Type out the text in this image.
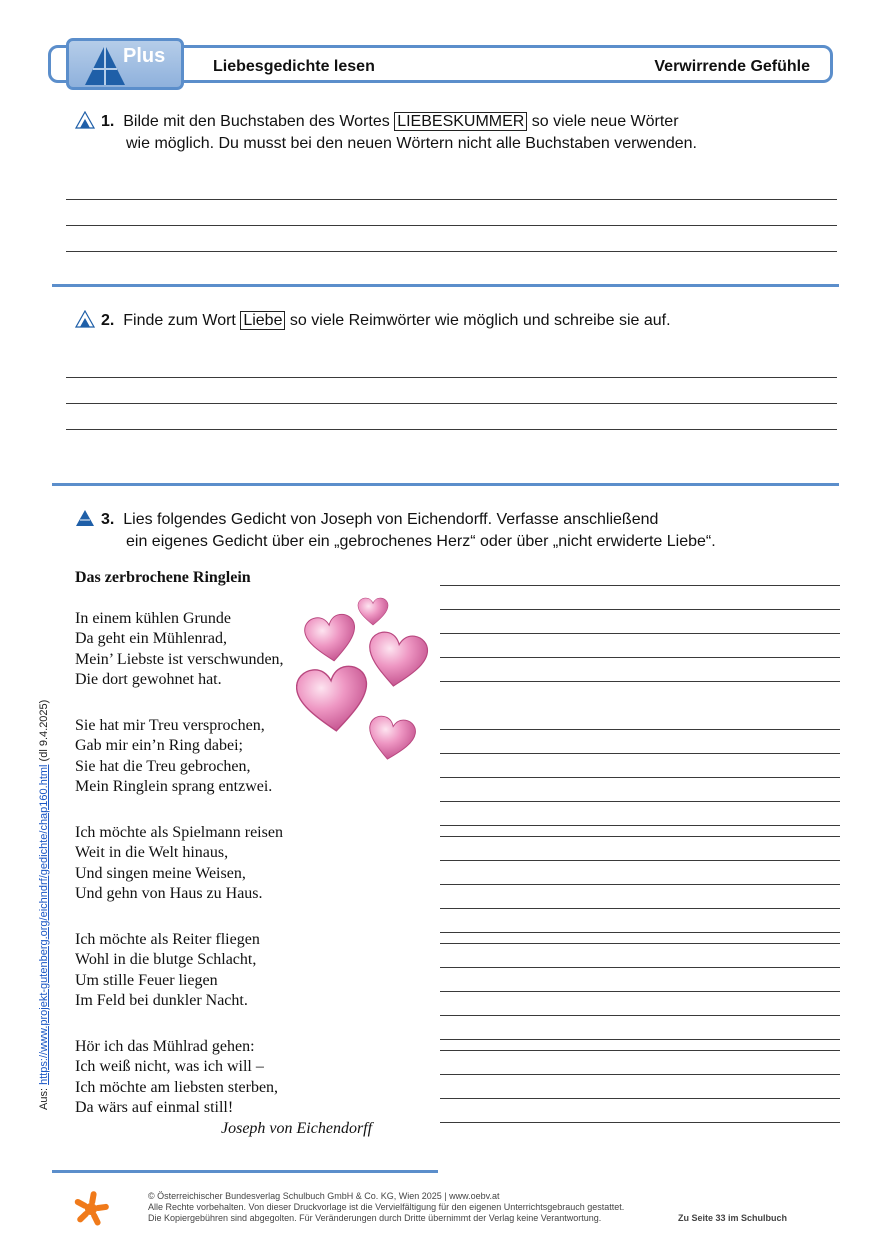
Plus	Liebesgedichte lesen	Verwirrende Gefühle
1. Bilde mit den Buchstaben des Wortes LIEBESKUMMER so viele neue Wörter
wie möglich. Du musst bei den neuen Wörtern nicht alle Buchstaben verwenden.
2. Finde zum Wort Liebe so viele Reimwörter wie möglich und schreibe sie auf.
3. Lies folgendes Gedicht von Joseph von Eichendorff. Verfasse anschließend
ein eigenes Gedicht über ein „gebrochenes Herz“ oder über „nicht erwiderte Liebe“.
Das zerbrochene Ringlein
In einem kühlen Grunde
Da geht ein Mühlenrad,
Mein’ Liebste ist verschwunden,
Die dort gewohnet hat.
Sie hat mir Treu versprochen,
Gab mir ein’n Ring dabei;
Sie hat die Treu gebrochen,
Mein Ringlein sprang entzwei.
Ich möchte als Spielmann reisen
Weit in die Welt hinaus,
Und singen meine Weisen,
Und gehn von Haus zu Haus.
Ich möchte als Reiter fliegen
Wohl in die blutge Schlacht,
Um stille Feuer liegen
Im Feld bei dunkler Nacht.
Hör ich das Mühlrad gehen:
Ich weiß nicht, was ich will –
Ich möchte am liebsten sterben,
Da wärs auf einmal still!
Joseph von Eichendorff
Aus: https://www.projekt-gutenberg.org/eichndrf/gedichte/chap160.html (dl 9.4.2025)
© Österreichischer Bundesverlag Schulbuch GmbH & Co. KG, Wien 2025 | www.oebv.at
Alle Rechte vorbehalten. Von dieser Druckvorlage ist die Vervielfältigung für den eigenen Unterrichtsgebrauch gestattet.
Die Kopiergebühren sind abgegolten. Für Veränderungen durch Dritte übernimmt der Verlag keine Verantwortung.	Zu Seite 33 im Schulbuch
